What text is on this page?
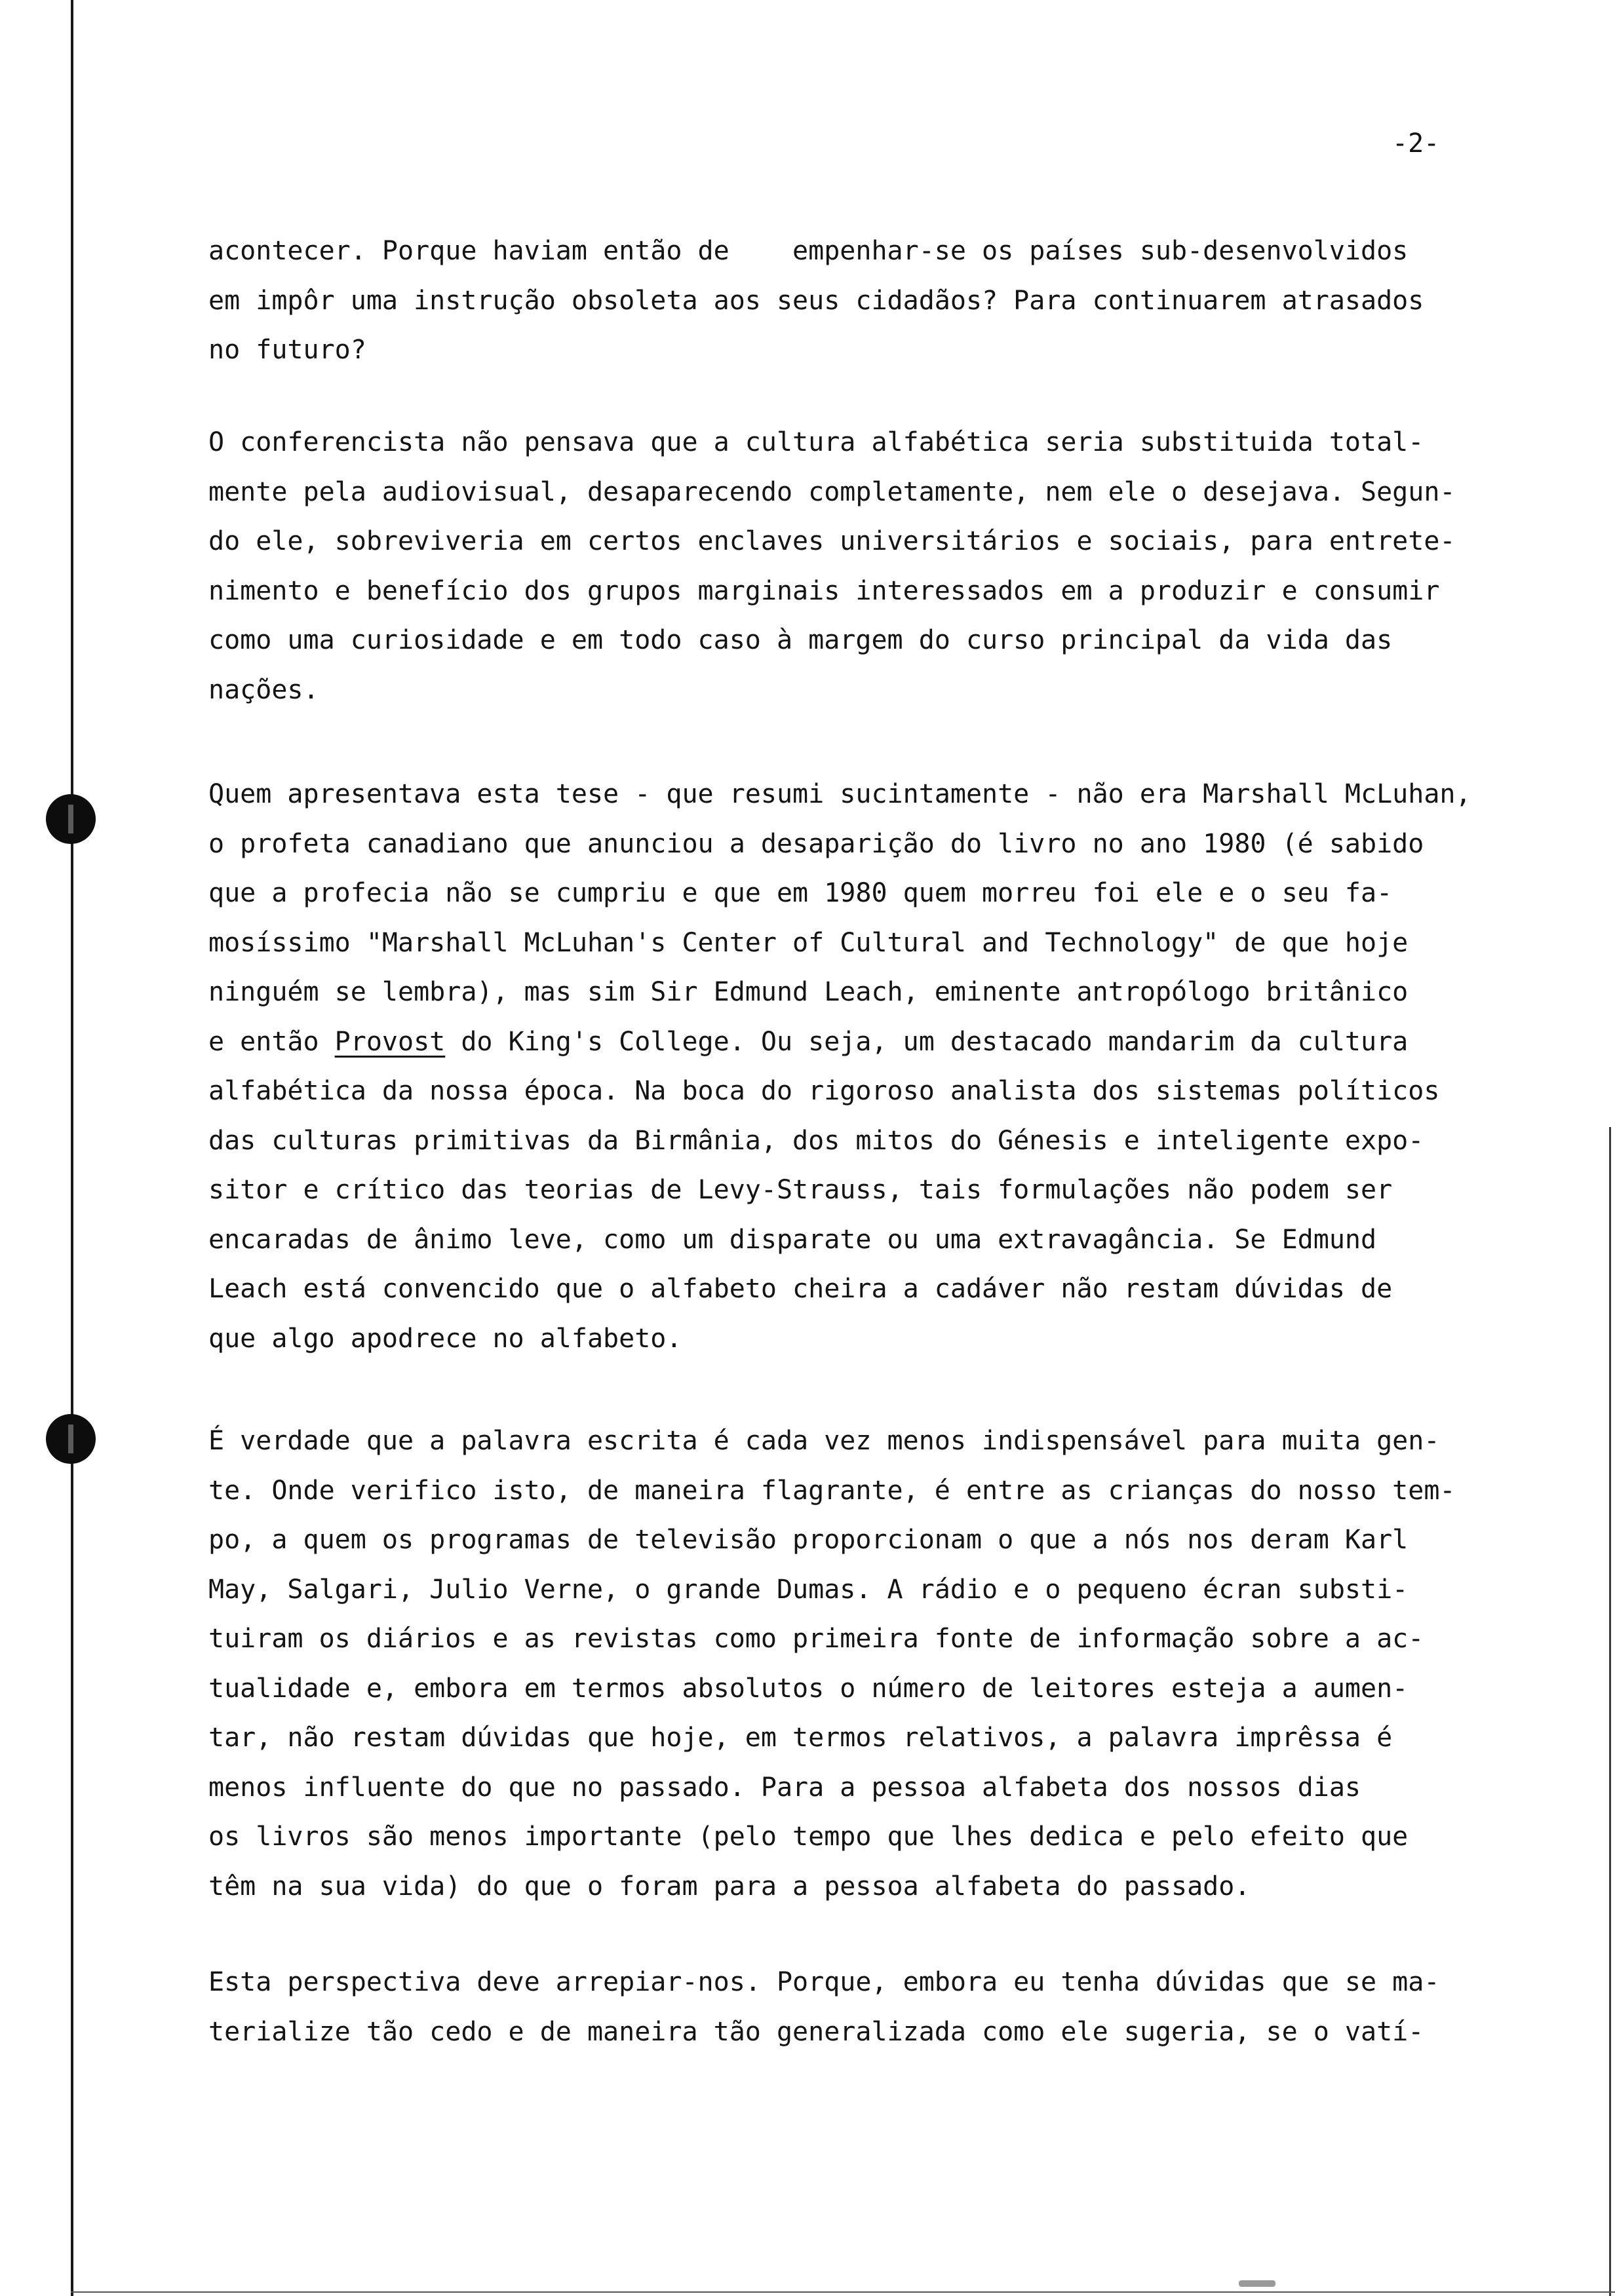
-2-
acontecer. Porque haviam então de    empenhar-se os países sub-desenvolvidos
em impôr uma instrução obsoleta aos seus cidadãos? Para continuarem atrasados
no futuro?
O conferencista não pensava que a cultura alfabética seria substituida total-
mente pela audiovisual, desaparecendo completamente, nem ele o desejava. Segun-
do ele, sobreviveria em certos enclaves universitários e sociais, para entrete-
nimento e benefício dos grupos marginais interessados em a produzir e consumir
como uma curiosidade e em todo caso à margem do curso principal da vida das
nações.
Quem apresentava esta tese - que resumi sucintamente - não era Marshall McLuhan,
o profeta canadiano que anunciou a desaparição do livro no ano 1980 (é sabido
que a profecia não se cumpriu e que em 1980 quem morreu foi ele e o seu fa-
mosíssimo "Marshall McLuhan's Center of Cultural and Technology" de que hoje
ninguém se lembra), mas sim Sir Edmund Leach, eminente antropólogo britânico
e então Provost do King's College. Ou seja, um destacado mandarim da cultura
alfabética da nossa época. Na boca do rigoroso analista dos sistemas políticos
das culturas primitivas da Birmânia, dos mitos do Génesis e inteligente expo-
sitor e crítico das teorias de Levy-Strauss, tais formulações não podem ser
encaradas de ânimo leve, como um disparate ou uma extravagância. Se Edmund
Leach está convencido que o alfabeto cheira a cadáver não restam dúvidas de
que algo apodrece no alfabeto.
É verdade que a palavra escrita é cada vez menos indispensável para muita gen-
te. Onde verifico isto, de maneira flagrante, é entre as crianças do nosso tem-
po, a quem os programas de televisão proporcionam o que a nós nos deram Karl
May, Salgari, Julio Verne, o grande Dumas. A rádio e o pequeno écran substi-
tuiram os diários e as revistas como primeira fonte de informação sobre a ac-
tualidade e, embora em termos absolutos o número de leitores esteja a aumen-
tar, não restam dúvidas que hoje, em termos relativos, a palavra imprêssa é
menos influente do que no passado. Para a pessoa alfabeta dos nossos dias
os livros são menos importante (pelo tempo que lhes dedica e pelo efeito que
têm na sua vida) do que o foram para a pessoa alfabeta do passado.
Esta perspectiva deve arrepiar-nos. Porque, embora eu tenha dúvidas que se ma-
terialize tão cedo e de maneira tão generalizada como ele sugeria, se o vatí-
